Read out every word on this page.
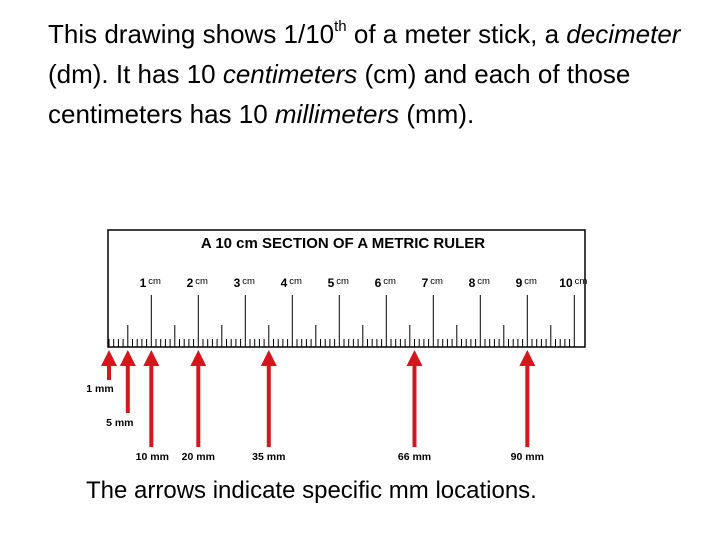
This drawing shows 1/10th of a meter stick, a decimeter (dm). It has 10 centimeters (cm) and each of those centimeters has 10 millimeters (mm).
A 10 cm SECTION OF A METRIC RULER
1 cm 2 cm 3 cm 4 cm 5 cm 6 cm 7 cm 8 cm 9 cm 10 cm
1 mm
5 mm
10 mm 20 mm	35 mm	66 mm	90 mm
The arrows indicate specific mm locations.
